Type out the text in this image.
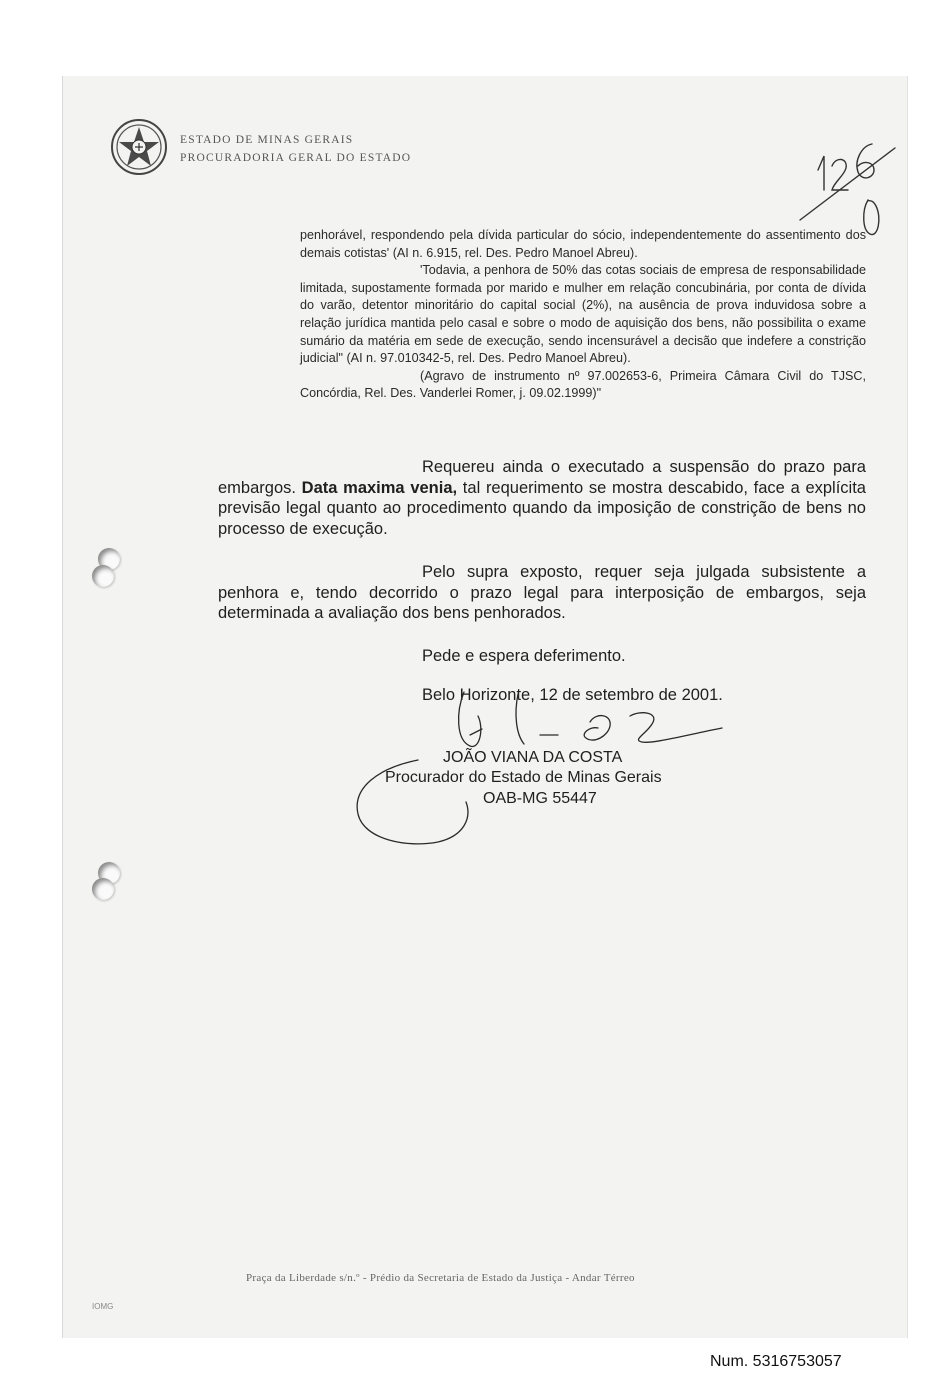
ESTADO DE MINAS GERAIS
PROCURADORIA GERAL DO ESTADO

penhorável, respondendo pela dívida particular do sócio, independentemente do assentimento dos demais cotistas' (AI n. 6.915, rel. Des. Pedro Manoel Abreu).

'Todavia, a penhora de 50% das cotas sociais de empresa de responsabilidade limitada, supostamente formada por marido e mulher em relação concubinária, por conta de dívida do varão, detentor minoritário do capital social (2%), na ausência de prova induvidosa sobre a relação jurídica mantida pelo casal e sobre o modo de aquisição dos bens, não possibilita o exame sumário da matéria em sede de execução, sendo incensurável a decisão que indefere a constrição judicial" (AI n. 97.010342-5, rel. Des. Pedro Manoel Abreu).

(Agravo de instrumento nº 97.002653-6, Primeira Câmara Civil do TJSC, Concórdia, Rel. Des. Vanderlei Romer, j. 09.02.1999)"

Requereu ainda o executado a suspensão do prazo para embargos. Data maxima venia, tal requerimento se mostra descabido, face a explícita previsão legal quanto ao procedimento quando da imposição de constrição de bens no processo de execução.

Pelo supra exposto, requer seja julgada subsistente a penhora e, tendo decorrido o prazo legal para interposição de embargos, seja determinada a avaliação dos bens penhorados.

Pede e espera deferimento.

Belo Horizonte, 12 de setembro de 2001.

JOÃO VIANA DA COSTA
Procurador do Estado de Minas Gerais
OAB-MG 55447
Praça da Liberdade s/n.º - Prédio da Secretaria de Estado da Justiça - Andar Térreo
IOMG
Num. 5316753057
